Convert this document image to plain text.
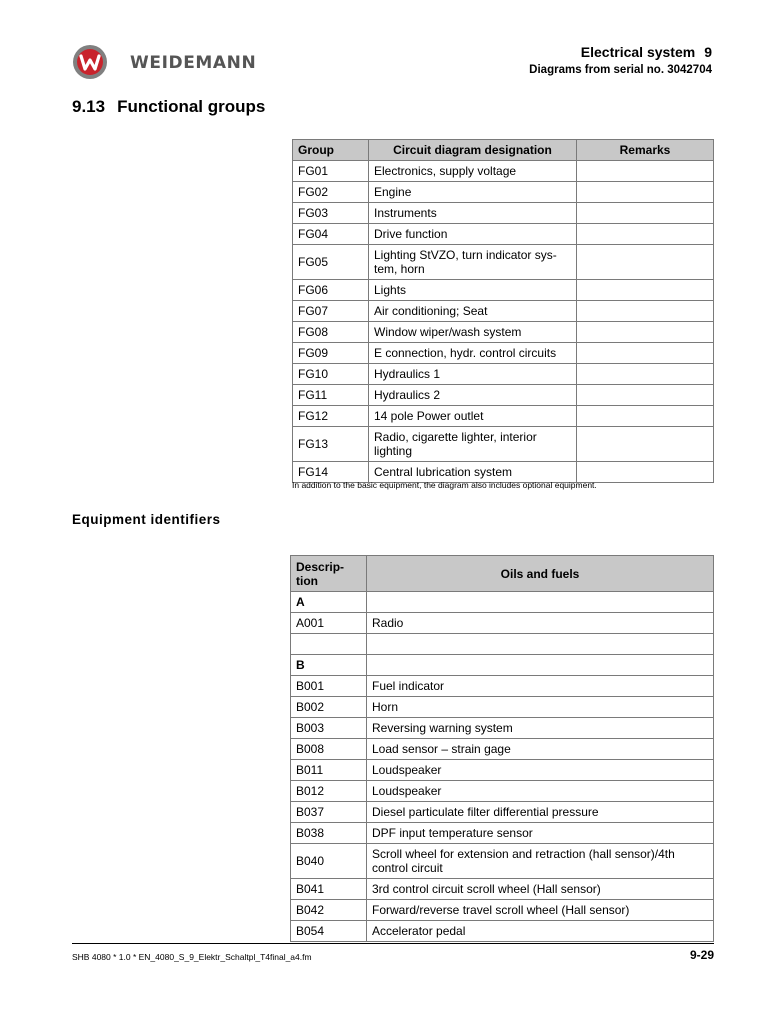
WEIDEMANN
Electrical system 9
Diagrams from serial no. 3042704
9.13 Functional groups
Group	Circuit diagram designation	Remarks
FG01	Electronics, supply voltage	
FG02	Engine	
FG03	Instruments	
FG04	Drive function	
FG05	Lighting StVZO, turn indicator sys-tem, horn	
FG06	Lights	
FG07	Air conditioning; Seat	
FG08	Window wiper/wash system	
FG09	E connection, hydr. control circuits	
FG10	Hydraulics 1	
FG11	Hydraulics 2	
FG12	14 pole Power outlet	
FG13	Radio, cigarette lighter, interior lighting	
FG14	Central lubrication system	
In addition to the basic equipment, the diagram also includes optional equipment.
Equipment identifiers
Descrip-tion	Oils and fuels
A	
A001	Radio

B	
B001	Fuel indicator
B002	Horn
B003	Reversing warning system
B008	Load sensor – strain gage
B011	Loudspeaker
B012	Loudspeaker
B037	Diesel particulate filter differential pressure
B038	DPF input temperature sensor
B040	Scroll wheel for extension and retraction (hall sensor)/4th control circuit
B041	3rd control circuit scroll wheel (Hall sensor)
B042	Forward/reverse travel scroll wheel (Hall sensor)
B054	Accelerator pedal
SHB 4080 * 1.0 * EN_4080_S_9_Elektr_Schaltpl_T4final_a4.fm	9-29
